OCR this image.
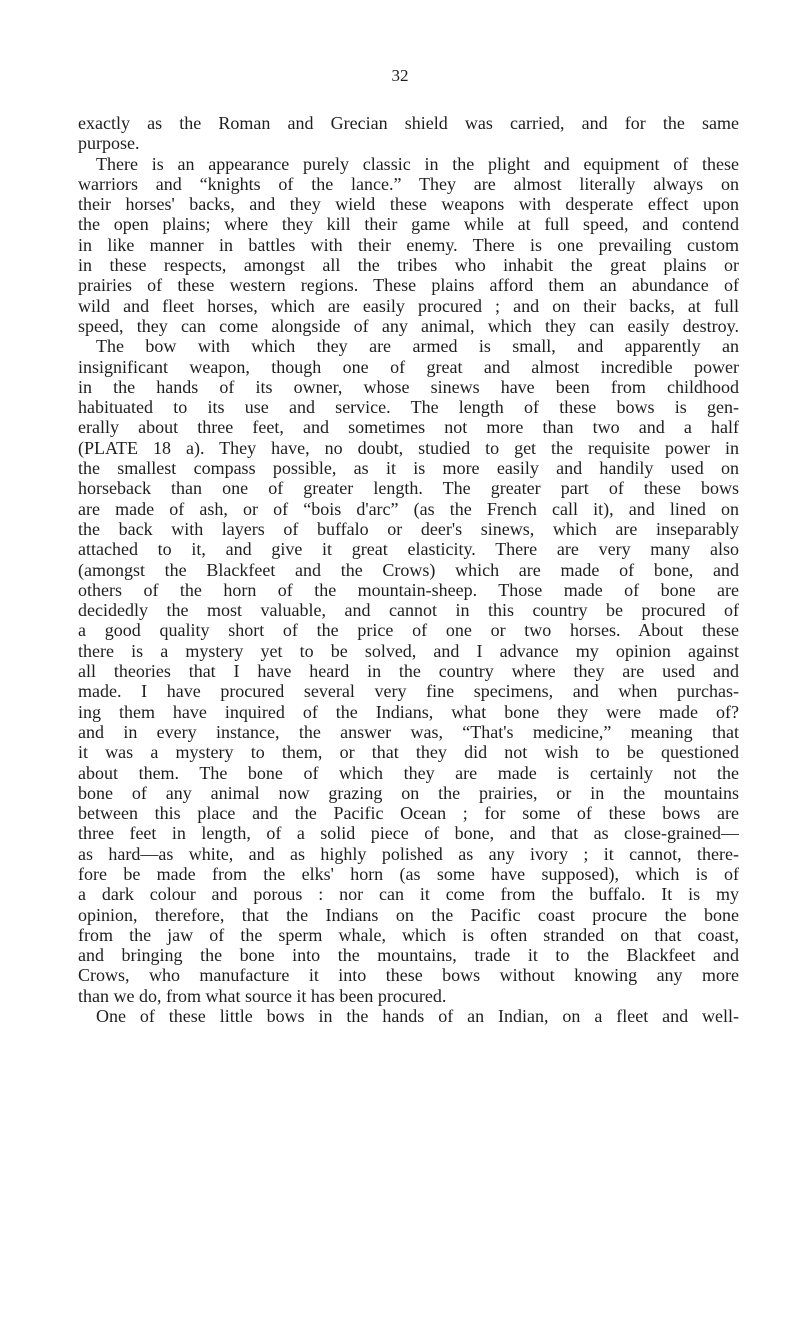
32
exactly as the Roman and Grecian shield was carried, and for the same
purpose.
There is an appearance purely classic in the plight and equipment of these
warriors and “knights of the lance.” They are almost literally always on
their horses' backs, and they wield these weapons with desperate effect upon
the open plains; where they kill their game while at full speed, and contend
in like manner in battles with their enemy. There is one prevailing custom
in these respects, amongst all the tribes who inhabit the great plains or
prairies of these western regions. These plains afford them an abundance of
wild and fleet horses, which are easily procured ; and on their backs, at full
speed, they can come alongside of any animal, which they can easily destroy.
The bow with which they are armed is small, and apparently an
insignificant weapon, though one of great and almost incredible power
in the hands of its owner, whose sinews have been from childhood
habituated to its use and service. The length of these bows is gen-
erally about three feet, and sometimes not more than two and a half
(PLATE 18 a). They have, no doubt, studied to get the requisite power in
the smallest compass possible, as it is more easily and handily used on
horseback than one of greater length. The greater part of these bows
are made of ash, or of “bois d'arc” (as the French call it), and lined on
the back with layers of buffalo or deer's sinews, which are inseparably
attached to it, and give it great elasticity. There are very many also
(amongst the Blackfeet and the Crows) which are made of bone, and
others of the horn of the mountain-sheep. Those made of bone are
decidedly the most valuable, and cannot in this country be procured of
a good quality short of the price of one or two horses. About these
there is a mystery yet to be solved, and I advance my opinion against
all theories that I have heard in the country where they are used and
made. I have procured several very fine specimens, and when purchas-
ing them have inquired of the Indians, what bone they were made of?
and in every instance, the answer was, “That's medicine,” meaning that
it was a mystery to them, or that they did not wish to be questioned
about them. The bone of which they are made is certainly not the
bone of any animal now grazing on the prairies, or in the mountains
between this place and the Pacific Ocean ; for some of these bows are
three feet in length, of a solid piece of bone, and that as close-grained—
as hard—as white, and as highly polished as any ivory ; it cannot, there-
fore be made from the elks' horn (as some have supposed), which is of
a dark colour and porous : nor can it come from the buffalo. It is my
opinion, therefore, that the Indians on the Pacific coast procure the bone
from the jaw of the sperm whale, which is often stranded on that coast,
and bringing the bone into the mountains, trade it to the Blackfeet and
Crows, who manufacture it into these bows without knowing any more
than we do, from what source it has been procured.
One of these little bows in the hands of an Indian, on a fleet and well-
